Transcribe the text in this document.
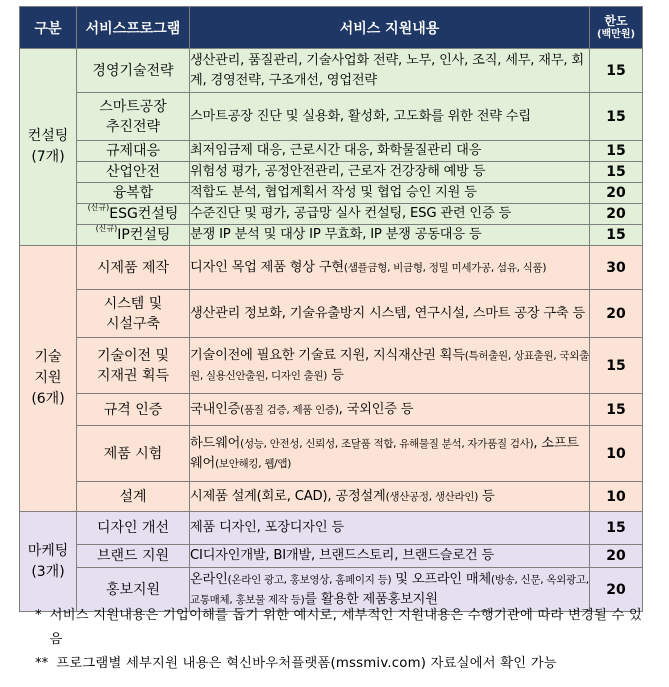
구분	서비스프로그램	서비스 지원내용	한도
(백만원)

컨설팅
(7개)	경영기술전략	생산관리, 품질관리, 기술사업화 전략, 노무, 인사, 조직, 세무, 재무, 회계, 경영전략, 구조개선, 영업전략	15

	스마트공장
추진전략	스마트공장 진단 및 실용화, 활성화, 고도화를 위한 전략 수립	15
	규제대응	최저임금제 대응, 근로시간 대응, 화학물질관리 대응	15
	산업안전	위험성 평가, 공정안전관리, 근로자 건강장해 예방 등	15
	융복합	적합도 분석, 협업계획서 작성 및 협업 승인 지원 등	20
	$^{(신규)}$ESG컨설팅	수준진단 및 평가, 공급망 실사 컨설팅, ESG 관련 인증 등	20
	$^{(신규)}$IP컨설팅	분쟁 IP 분석 및 대상 IP 무효화, IP 분쟁 공동대응 등	15

기술
지원
(6개)	시제품 제작	디자인 목업 제품 형상 구현(샘플금형, 비금형, 정밀 미세가공, 섬유, 식품)	30

	시스템 및
시설구축	생산관리 정보화, 기술유출방지 시스템, 연구시설, 스마트 공장 구축 등	20

	기술이전 및
지재권 획득	기술이전에 필요한 기술료 지원, 지식재산권 획득(특허출원, 상표출원, 국외출원, 실용신안출원, 디자인 출원) 등	15
	규격 인증	국내인증(품질 검증, 제품 인증), 국외인증 등	15
	제품 시험	하드웨어(성능, 안전성, 신뢰성, 조달품 적합, 유해물질 분석, 자가품질 검사), 소프트웨어(보안해킹, 웹/앱)	10
	설계	시제품 설계(회로, CAD), 공정설계(생산공정, 생산라인) 등	10

마케팅
(3개)	디자인 개선	제품 디자인, 포장디자인 등	15
	브랜드 지원	CI디자인개발, BI개발, 브랜드스토리, 브랜드슬로건 등	20
	홍보지원	온라인(온라인 광고, 홍보영상, 홈페이지 등) 및 오프라인 매체(방송, 신문, 옥외광고, 교통매체, 홍보물 제작 등)를 활용한 제품홍보지원	20
* 서비스 지원내용은 기업이해를 돕기 위한 예시로, 세부적인 지원내용은 수행기관에 따라 변경될 수 있음
** 프로그램별 세부지원 내용은 혁신바우처플랫폼(mssmiv.com) 자료실에서 확인 가능
